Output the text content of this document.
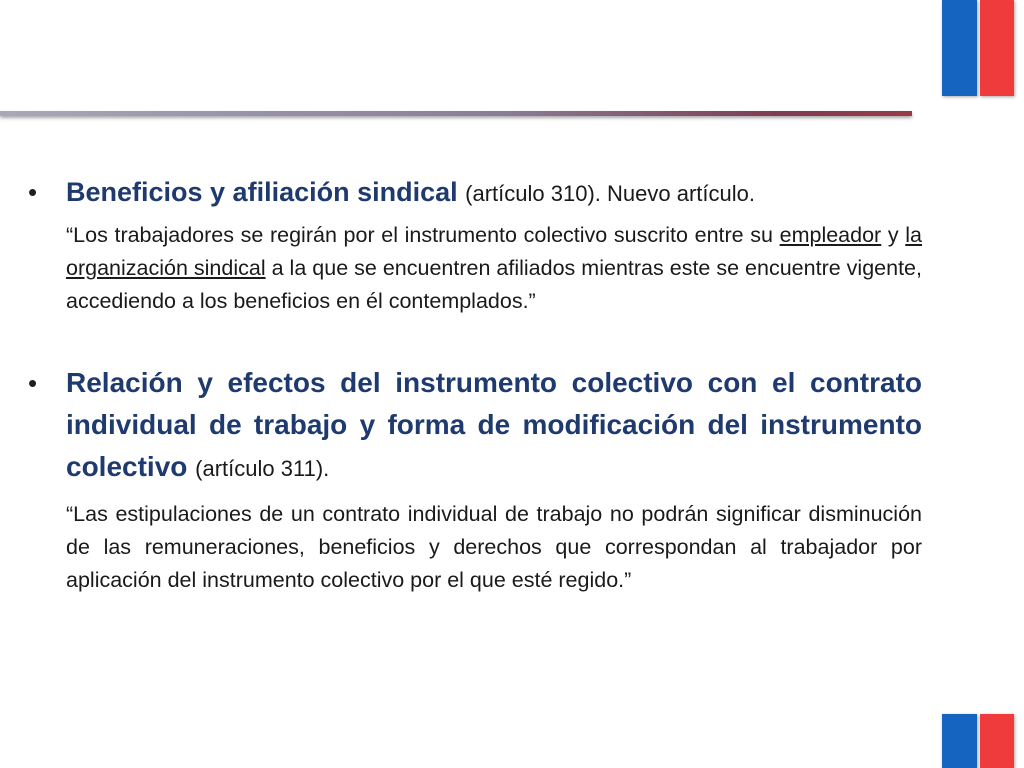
• Beneficios y afiliación sindical (artículo 310). Nuevo artículo.

“Los trabajadores se regirán por el instrumento colectivo suscrito entre su empleador y la organización sindical a la que se encuentren afiliados mientras este se encuentre vigente, accediendo a los beneficios en él contemplados.”

• Relación y efectos del instrumento colectivo con el contrato individual de trabajo y forma de modificación del instrumento colectivo (artículo 311).

“Las estipulaciones de un contrato individual de trabajo no podrán significar disminución de las remuneraciones, beneficios y derechos que correspondan al trabajador por aplicación del instrumento colectivo por el que esté regido.”
